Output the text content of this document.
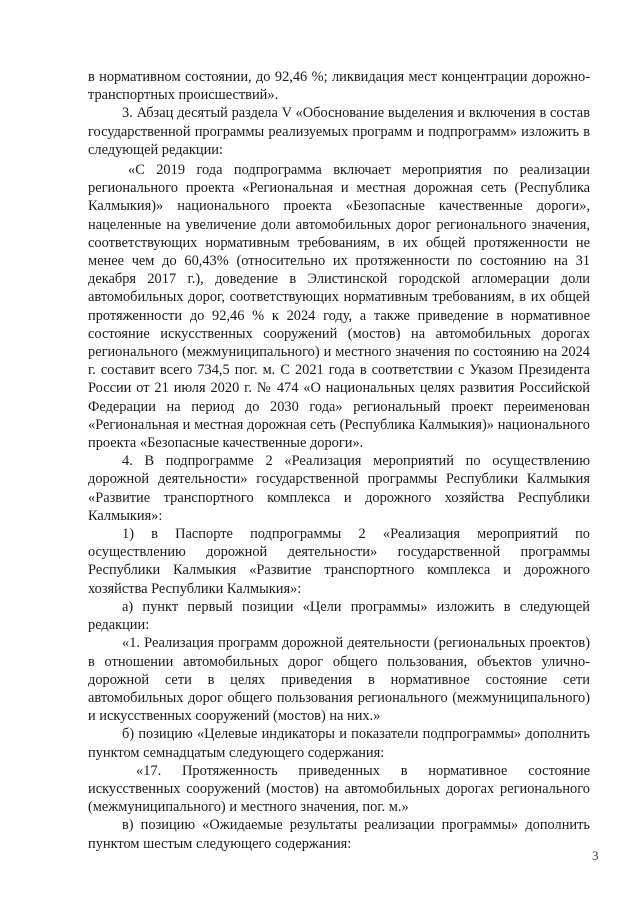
в нормативном состоянии, до 92,46 %; ликвидация мест концентрации дорожно-транспортных происшествий».

3. Абзац десятый раздела V «Обоснование выделения и включения в состав государственной программы реализуемых программ и подпрограмм» изложить в следующей редакции:

«С 2019 года подпрограмма включает мероприятия по реализации регионального проекта «Региональная и местная дорожная сеть (Республика Калмыкия)» национального проекта «Безопасные качественные дороги», нацеленные на увеличение доли автомобильных дорог регионального значения, соответствующих нормативным требованиям, в их общей протяженности не менее чем до 60,43% (относительно их протяженности по состоянию на 31 декабря 2017 г.), доведение в Элистинской городской агломерации доли автомобильных дорог, соответствующих нормативным требованиям, в их общей протяженности до 92,46 % к 2024 году, а также приведение в нормативное состояние искусственных сооружений (мостов) на автомобильных дорогах регионального (межмуниципального) и местного значения по состоянию на 2024 г. составит всего 734,5 пог. м. С 2021 года в соответствии с Указом Президента России от 21 июля 2020 г. № 474 «О национальных целях развития Российской Федерации на период до 2030 года» региональный проект переименован «Региональная и местная дорожная сеть (Республика Калмыкия)» национального проекта «Безопасные качественные дороги».

4. В подпрограмме 2 «Реализация мероприятий по осуществлению дорожной деятельности» государственной программы Республики Калмыкия «Развитие транспортного комплекса и дорожного хозяйства Республики Калмыкия»:

1) в Паспорте подпрограммы 2 «Реализация мероприятий по осуществлению дорожной деятельности» государственной программы Республики Калмыкия «Развитие транспортного комплекса и дорожного хозяйства Республики Калмыкия»:

а) пункт первый позиции «Цели программы» изложить в следующей редакции:

«1. Реализация программ дорожной деятельности (региональных проектов) в отношении автомобильных дорог общего пользования, объектов улично-дорожной сети в целях приведения в нормативное состояние сети автомобильных дорог общего пользования регионального (межмуниципального) и искусственных сооружений (мостов) на них.»

б) позицию «Целевые индикаторы и показатели подпрограммы» дополнить пунктом семнадцатым следующего содержания:

«17. Протяженность приведенных в нормативное состояние искусственных сооружений (мостов) на автомобильных дорогах регионального (межмуниципального) и местного значения, пог. м.»

в) позицию «Ожидаемые результаты реализации программы» дополнить пунктом шестым следующего содержания:

3
